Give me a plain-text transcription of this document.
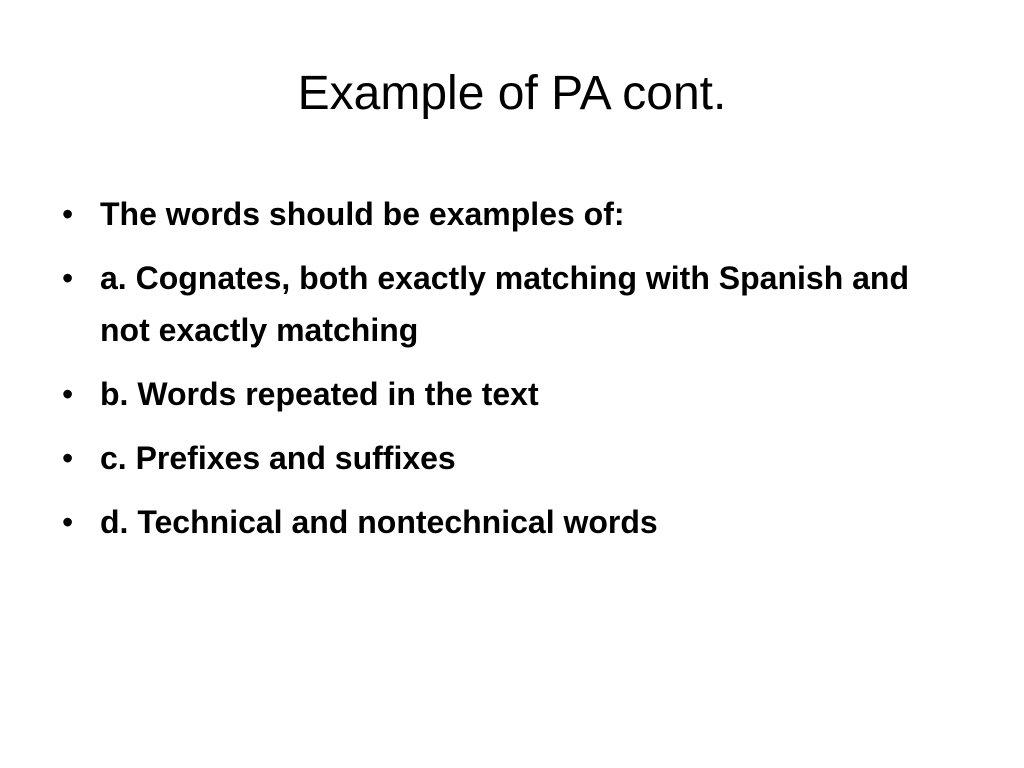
Example of PA cont.
• The words should be examples of:
• a. Cognates, both exactly matching with Spanish and not exactly matching
• b. Words repeated in the text
• c. Prefixes and suffixes
• d. Technical and nontechnical words
